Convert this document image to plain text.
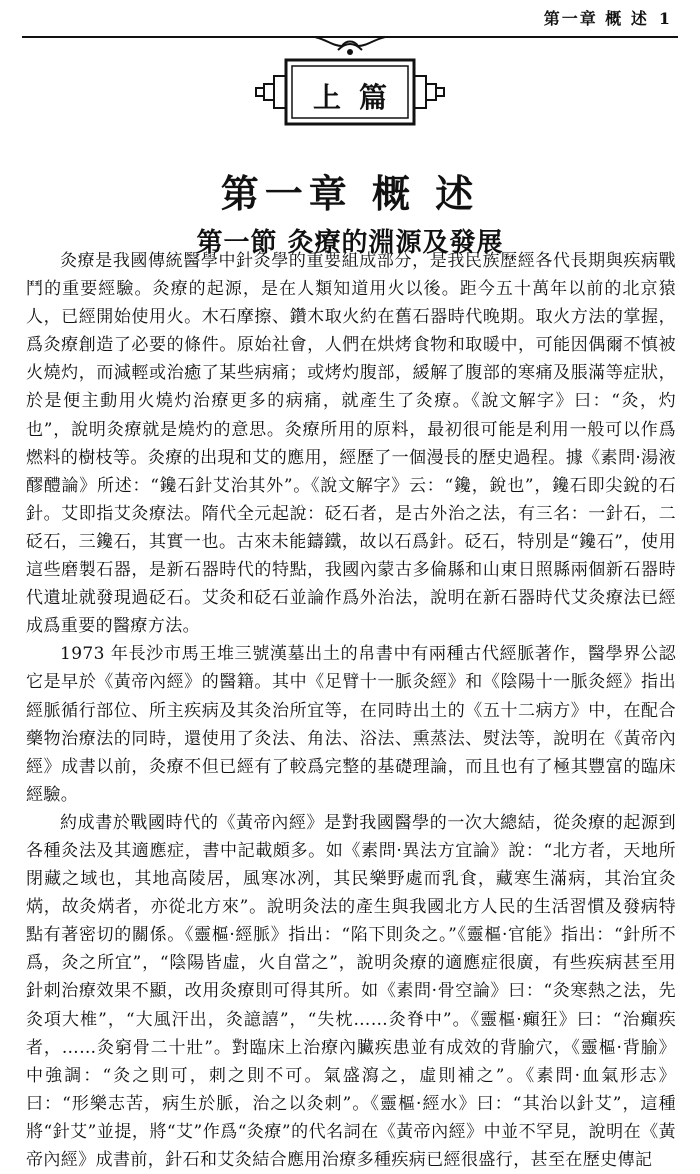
第一章 概 述 1
上篇
第一章 概 述
第一節 灸療的淵源及發展

灸療是我國傳統醫學中針灸學的重要組成部分，是我民族歷經各代長期與疾病戰鬥的重要經驗。灸療的起源，是在人類知道用火以後。距今五十萬年以前的北京猿人，已經開始使用火。木石摩擦、鑽木取火約在舊石器時代晚期。取火方法的掌握，爲灸療創造了必要的條件。原始社會，人們在烘烤食物和取暖中，可能因偶爾不慎被火燒灼，而減輕或治癒了某些病痛；或烤灼腹部，緩解了腹部的寒痛及脹滿等症狀，於是便主動用火燒灼治療更多的病痛，就產生了灸療。《說文解字》曰：“灸，灼也”，說明灸療就是燒灼的意思。灸療所用的原料，最初很可能是利用一般可以作爲燃料的樹枝等。灸療的出現和艾的應用，經歷了一個漫長的歷史過程。據《素問·湯液醪醴論》所述：“鑱石針艾治其外”。《說文解字》云：“鑱，銳也”，鑱石即尖銳的石針。艾即指艾灸療法。隋代全元起說：砭石者，是古外治之法，有三名：一針石，二砭石，三鑱石，其實一也。古來未能鑄鐵，故以石爲針。砭石，特別是“鑱石”，使用這些磨製石器，是新石器時代的特點，我國內蒙古多倫縣和山東日照縣兩個新石器時代遺址就發現過砭石。艾灸和砭石並論作爲外治法，說明在新石器時代艾灸療法已經成爲重要的醫療方法。

1973 年長沙市馬王堆三號漢墓出土的帛書中有兩種古代經脈著作，醫學界公認它是早於《黃帝內經》的醫籍。其中《足臂十一脈灸經》和《陰陽十一脈灸經》指出經脈循行部位、所主疾病及其灸治所宜等，在同時出土的《五十二病方》中，在配合藥物治療法的同時，還使用了灸法、角法、浴法、熏蒸法、熨法等，說明在《黃帝內經》成書以前，灸療不但已經有了較爲完整的基礎理論，而且也有了極其豐富的臨床經驗。

約成書於戰國時代的《黃帝內經》是對我國醫學的一次大總結，從灸療的起源到各種灸法及其適應症，書中記載頗多。如《素問·異法方宜論》說：“北方者，天地所閉藏之域也，其地高陵居，風寒冰冽，其民樂野處而乳食，藏寒生滿病，其治宜灸焫，故灸焫者，亦從北方來”。說明灸法的產生與我國北方人民的生活習慣及發病特點有著密切的關係。《靈樞·經脈》指出：“陷下則灸之。”《靈樞·官能》指出：“針所不爲，灸之所宜”，“陰陽皆虛，火自當之”，說明灸療的適應症很廣，有些疾病甚至用針刺治療效果不顯，改用灸療則可得其所。如《素問·骨空論》曰：“灸寒熱之法，先灸項大椎”，“大風汗出，灸譩譆”，“失枕……灸脊中”。《靈樞·癲狂》曰：“治癲疾者，……灸窮骨二十壯”。對臨床上治療內臟疾患並有成效的背腧穴，《靈樞·背腧》中強調：“灸之則可，刺之則不可。氣盛瀉之，虛則補之”。《素問·血氣形志》曰：“形樂志苦，病生於脈，治之以灸刺”。《靈樞·經水》曰：“其治以針艾”，這種將“針艾”並提，將“艾”作爲“灸療”的代名詞在《黃帝內經》中並不罕見，說明在《黃帝內經》成書前，針石和艾灸結合應用治療多種疾病已經很盛行，甚至在歷史傳記
